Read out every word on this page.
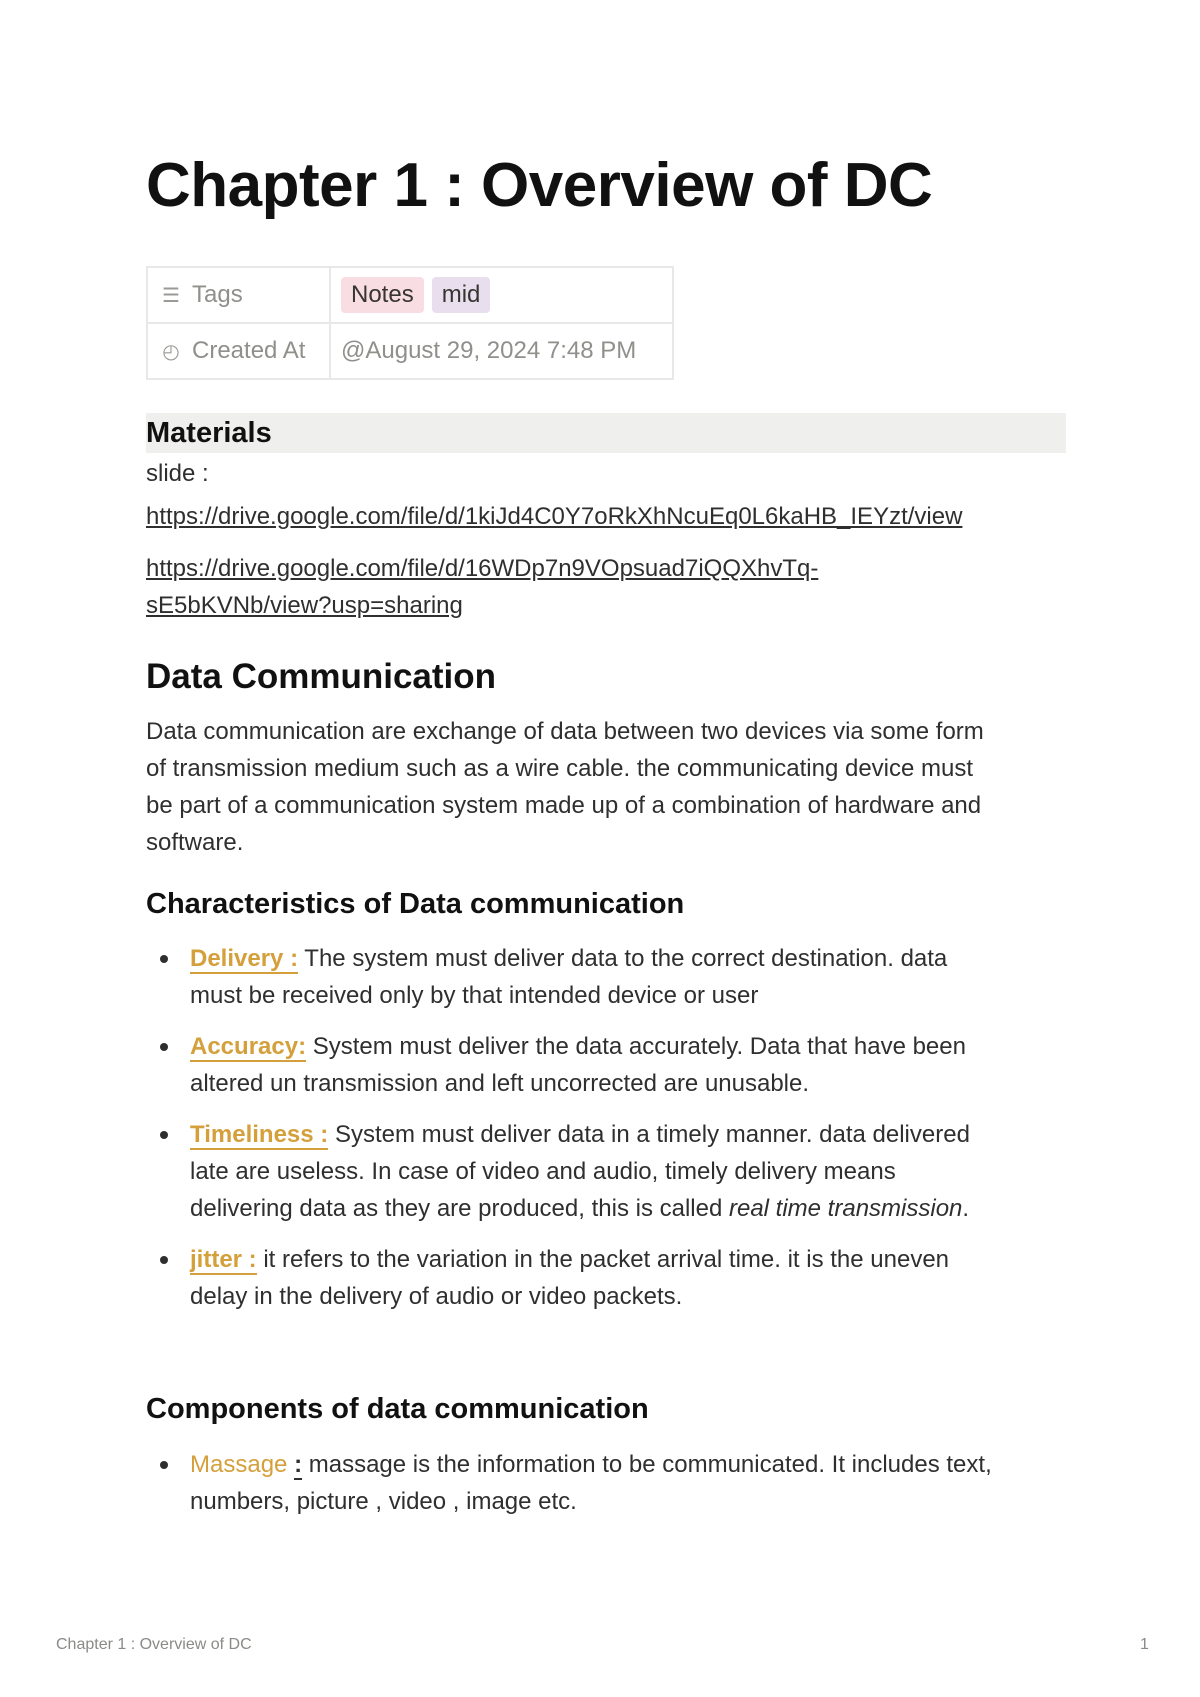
Chapter 1 : Overview of DC
☰ Tags	Notes mid
◴ Created At	@August 29, 2024 7:48 PM
Materials

slide :

https://drive.google.com/file/d/1kiJd4C0Y7oRkXhNcuEq0L6kaHB_IEYzt/view

https://drive.google.com/file/d/16WDp7n9VOpsuad7iQQXhvTq-
sE5bKVNb/view?usp=sharing

Data Communication

Data communication are exchange of data between two devices via some form
of transmission medium such as a wire cable. the communicating device must
be part of a communication system made up of a combination of hardware and
software.

Characteristics of Data communication
Delivery : The system must deliver data to the correct destination. data
must be received only by that intended device or user
Accuracy: System must deliver the data accurately. Data that have been
altered un transmission and left uncorrected are unusable.
Timeliness : System must deliver data in a timely manner. data delivered
late are useless. In case of video and audio, timely delivery means
delivering data as they are produced, this is called real time transmission.
jitter : it refers to the variation in the packet arrival time. it is the uneven
delay in the delivery of audio or video packets.
Components of data communication
Massage : massage is the information to be communicated. It includes text,
numbers, picture , video , image etc.
Chapter 1 : Overview of DC	1
